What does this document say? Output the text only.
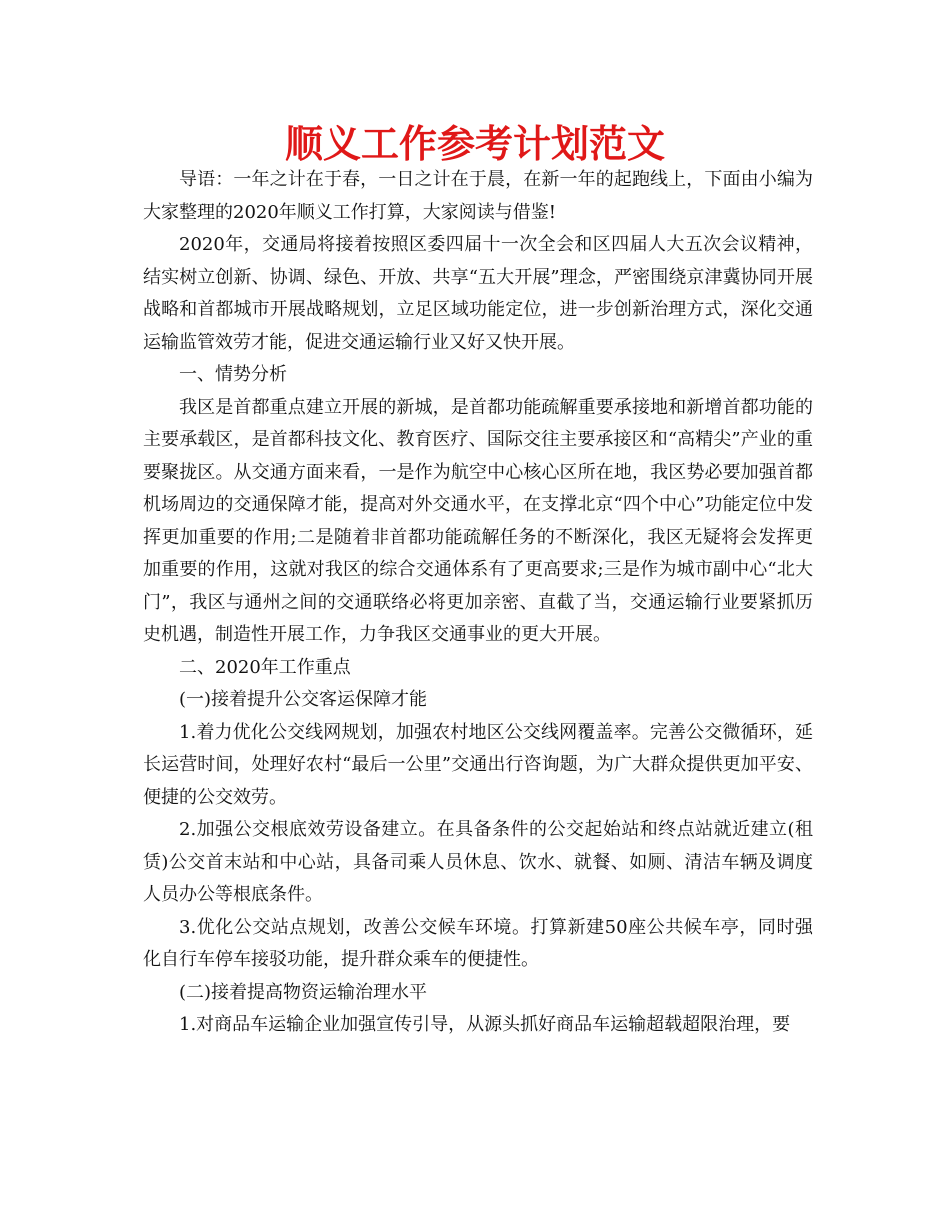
顺义工作参考计划范文

导语：一年之计在于春，一日之计在于晨，在新一年的起跑线上，下面由小编为大家整理的2020年顺义工作打算，大家阅读与借鉴!

2020年，交通局将接着按照区委四届十一次全会和区四届人大五次会议精神，结实树立创新、协调、绿色、开放、共享“五大开展”理念，严密围绕京津冀协同开展战略和首都城市开展战略规划，立足区域功能定位，进一步创新治理方式，深化交通运输监管效劳才能，促进交通运输行业又好又快开展。

一、情势分析

我区是首都重点建立开展的新城，是首都功能疏解重要承接地和新增首都功能的主要承载区，是首都科技文化、教育医疗、国际交往主要承接区和“高精尖”产业的重要聚拢区。从交通方面来看，一是作为航空中心核心区所在地，我区势必要加强首都机场周边的交通保障才能，提高对外交通水平，在支撑北京“四个中心”功能定位中发挥更加重要的作用;二是随着非首都功能疏解任务的不断深化，我区无疑将会发挥更加重要的作用，这就对我区的综合交通体系有了更高要求;三是作为城市副中心“北大门”，我区与通州之间的交通联络必将更加亲密、直截了当，交通运输行业要紧抓历史机遇，制造性开展工作，力争我区交通事业的更大开展。

二、2020年工作重点

(一)接着提升公交客运保障才能

1.着力优化公交线网规划，加强农村地区公交线网覆盖率。完善公交微循环，延长运营时间，处理好农村“最后一公里”交通出行咨询题，为广大群众提供更加平安、便捷的公交效劳。

2.加强公交根底效劳设备建立。在具备条件的公交起始站和终点站就近建立(租赁)公交首末站和中心站，具备司乘人员休息、饮水、就餐、如厕、清洁车辆及调度人员办公等根底条件。

3.优化公交站点规划，改善公交候车环境。打算新建50座公共候车亭，同时强化自行车停车接驳功能，提升群众乘车的便捷性。

(二)接着提高物资运输治理水平

1.对商品车运输企业加强宣传引导，从源头抓好商品车运输超载超限治理，要
